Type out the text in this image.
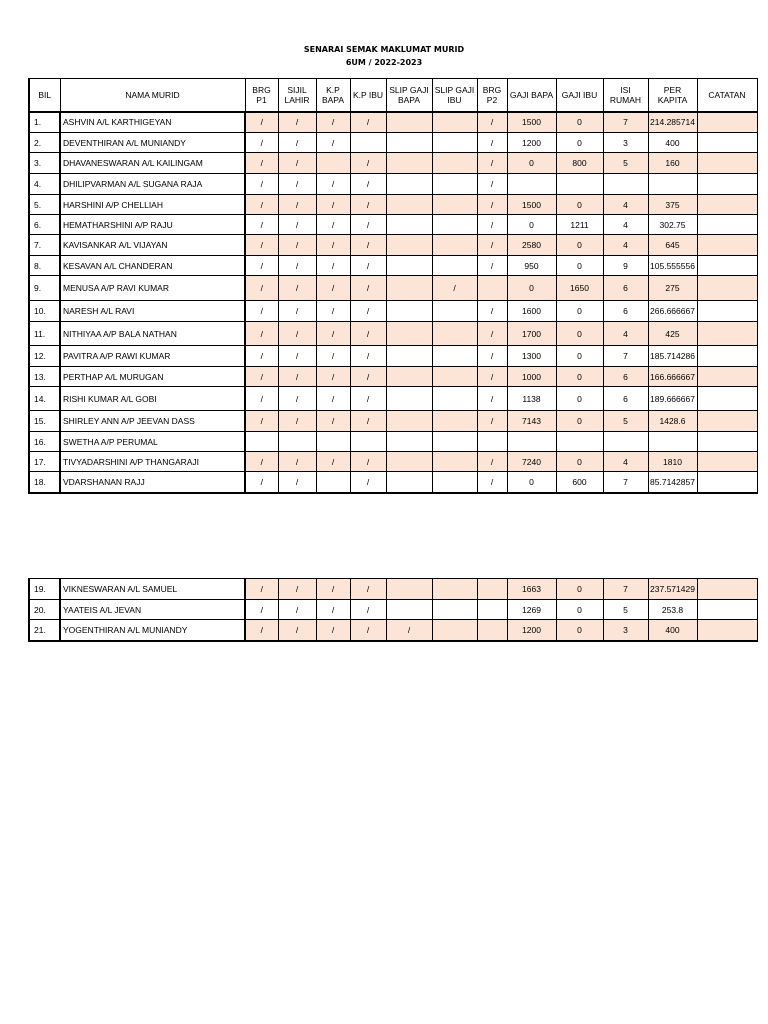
SENARAI SEMAK MAKLUMAT MURID
6UM / 2022-2023
BIL	NAMA MURID	BRG P1	SIJIL LAHIR	K.P BAPA	K.P IBU	SLIP GAJI BAPA	SLIP GAJI IBU	BRG P2	GAJI BAPA	GAJI IBU	ISI RUMAH	PER KAPITA	CATATAN
1.	ASHVIN A/L KARTHIGEYAN	/	/	/	/			/	1500	0	7	214.285714	
2.	DEVENTHIRAN A/L MUNIANDY	/	/	/				/	1200	0	3	400	
3.	DHAVANESWARAN A/L KAILINGAM	/	/		/			/	0	800	5	160	
4.	DHILIPVARMAN A/L SUGANA RAJA	/	/	/	/			/					
5.	HARSHINI A/P CHELLIAH	/	/	/	/			/	1500	0	4	375	
6.	HEMATHARSHINI A/P RAJU	/	/	/	/			/	0	1211	4	302.75	
7.	KAVISANKAR A/L VIJAYAN	/	/	/	/			/	2580	0	4	645	
8.	KESAVAN A/L CHANDERAN	/	/	/	/			/	950	0	9	105.555556	
9.	MENUSA A/P RAVI KUMAR	/	/	/	/		/		0	1650	6	275	
10.	NARESH A/L RAVI	/	/	/	/			/	1600	0	6	266.666667	
11.	NITHIYAA A/P BALA NATHAN	/	/	/	/			/	1700	0	4	425	
12.	PAVITRA A/P RAWI KUMAR	/	/	/	/			/	1300	0	7	185.714286	
13.	PERTHAP A/L MURUGAN	/	/	/	/			/	1000	0	6	166.666667	
14.	RISHI KUMAR A/L GOBI	/	/	/	/			/	1138	0	6	189.666667	
15.	SHIRLEY ANN A/P JEEVAN DASS	/	/	/	/			/	7143	0	5	1428.6	
16.	SWETHA A/P PERUMAL												
17.	TIVYADARSHINI A/P THANGARAJI	/	/	/	/			/	7240	0	4	1810	
18.	VDARSHANAN RAJJ	/	/		/			/	0	600	7	85.7142857	
19.	VIKNESWARAN A/L SAMUEL	/	/	/	/				1663	0	7	237.571429	
20.	YAATEIS A/L JEVAN	/	/	/	/				1269	0	5	253.8	
21.	YOGENTHIRAN A/L MUNIANDY	/	/	/	/	/			1200	0	3	400	
